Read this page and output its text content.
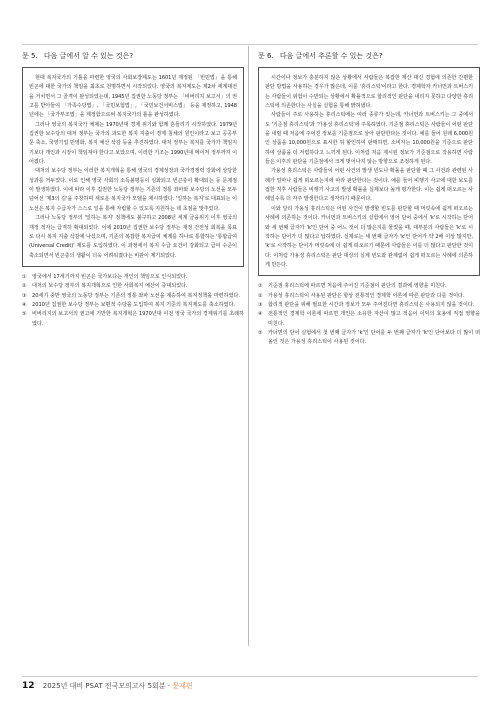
문 5. 다음 글에서 알 수 있는 것은?

현대 복지국가의 기틀을 마련한 영국의 사회보장제도는 1601년 제정된 「빈민법」을 통해 빈곤에 대한 국가의 책임을 최초로 천명하면서 시작되었다. 영국의 복지제도는 제2차 세계대전을 거치면서 그 골격이 완성되었는데, 1945년 집권한 노동당 정부는 「비버리지 보고서」의 권고를 받아들여 「가족수당법」, 「국민보험법」, 「국민보건서비스법」 등을 제정하고, 1948년에는 「국가부조법」을 제정함으로써 복지국가의 틀을 완성하였다.

그러나 영국의 복지국가 체제는 1970년대 경제 위기와 함께 흔들리기 시작하였다. 1979년 집권한 보수당의 대처 정부는 국가의 과도한 복지 지출이 경제 침체의 원인이라고 보고 공공부문 축소, 국영기업 민영화, 복지 예산 삭감 등을 추진하였다. 대처 정부는 복지를 국가가 책임지기보다 개인과 시장이 책임져야 한다고 보았으며, 이러한 기조는 1990년대 메이저 정부까지 이어졌다.

대처의 보수당 정부는 이러한 복지개혁을 통해 영국의 경제성장과 국가경쟁력 강화에 상당한 성과를 거두었다. 이로 인해 영국 사회의 소득불평등이 심화되고 빈곤층이 확대되는 등 문제점이 발생하였다. 이에 따라 이후 집권한 노동당 정부는 기존의 정통 좌파와 보수당의 노선을 모두 넘어선 '제3의 길'을 주창하며 새로운 복지국가 모델을 제시하였다. '일하는 복지'로 대표되는 이 노선은 복지 수급자가 스스로 일을 통해 자립할 수 있도록 지원하는 데 초점을 맞추었다.

그러나 노동당 정부의 '일하는 복지' 정책에도 불구하고 2008년 세계 금융위기 이후 영국의 재정 적자는 급격히 확대되었다. 이에 2010년 집권한 보수당 정부는 재정 건전성 회복을 목표로 다시 복지 지출 삭감에 나섰으며, 기존의 복잡한 복지급여 체계를 하나로 통합하는 '통합급여(Universal Credit)' 제도를 도입하였다. 이 과정에서 복지 수급 요건이 강화되고 급여 수준이 축소되면서 빈곤층의 생활이 더욱 어려워졌다는 비판이 제기되었다.

①	영국에서 17세기까지 빈곤은 국가보다는 개인의 책임으로 인식되었다.
②	대처의 보수당 정부의 복지개혁으로 인한 사회복지 예산이 증대되었다.
③	20세기 중반 영국의 노동당 정부는 기존의 정통 좌파 노선을 계승하여 복지정책을 마련하였다.
④	2010년 집권한 보수당 정부는 보편적 수당을 도입하여 복지 기준의 복지제도를 축소하였다.
⑤	비버리지의 보고서의 권고에 기반한 복지개혁은 1970년대 이전 영국 국가의 경제위기를 초래하였다.
문 6. 다음 글에서 추론할 수 있는 것은?

시간이나 정보가 충분하지 않은 상황에서 사람들은 복잡한 계산 대신 경험에 의존한 간편한 판단 방법을 사용하는 경우가 많은데, 이를 '휴리스틱'이라고 한다. 경제학자 카너먼과 트버스키는 사람들이 위험이 수반되는 상황에서 확률적으로 합리적인 판단을 내리지 못하고 다양한 휴리스틱에 의존한다는 사실을 실험을 통해 밝혀냈다.

사람들이 주로 사용하는 휴리스틱에는 여러 종류가 있는데, 카너먼과 트버스키는 그 중에서도 '기준점 휴리스틱'과 '가용성 휴리스틱'에 주목하였다. 기준점 휴리스틱은 사람들이 어떤 판단을 내릴 때 처음에 주어진 정보를 기준점으로 삼아 판단한다는 것이다. 예를 들어 원래 6,000원인 상품을 10,000원으로 표시한 뒤 할인하여 판매하면, 소비자는 10,000원을 기준으로 판단하여 상품을 더 저렴하다고 느끼게 된다. 이처럼 처음 제시된 정보가 기준점으로 작용하면 사람들은 이후의 판단을 기준점에서 크게 벗어나지 않는 방향으로 조정하게 된다.

가용성 휴리스틱은 사람들이 어떤 사건의 발생 빈도나 확률을 판단할 때 그 사건과 관련된 사례가 얼마나 쉽게 떠오르는지에 따라 판단한다는 것이다. 예를 들어 비행기 사고에 대한 보도를 접한 직후 사람들은 비행기 사고의 발생 확률을 실제보다 높게 평가한다. 이는 쉽게 떠오르는 사례일수록 더 자주 발생한다고 생각하기 때문이다.

이와 달리 가용성 휴리스틱은 어떤 사건이 발생할 빈도를 판단할 때 머릿속에 쉽게 떠오르는 사례에 의존하는 것이다. 카너먼과 트버스키의 실험에서 영어 단어 중에서 'k'로 시작하는 단어와 세 번째 글자가 'k'인 단어 중 어느 것이 더 많은지를 물었을 때, 대부분의 사람들은 'k'로 시작하는 단어가 더 많다고 답하였다. 실제로는 세 번째 글자가 'k'인 단어가 약 2배 이상 많지만, 'k'로 시작하는 단어가 머릿속에 더 쉽게 떠오르기 때문에 사람들은 이를 더 많다고 판단한 것이다. 이처럼 가용성 휴리스틱은 판단 대상의 실제 빈도와 관계없이 쉽게 떠오르는 사례에 의존하게 만든다.

①	기준점 휴리스틱에 따르면 처음에 주어진 기준점이 판단의 결과에 영향을 미친다.
②	가용성 휴리스틱이 사용된 판단은 항상 전통적인 경제학 이론에 따른 판단과 다를 것이다.
③	합리적 판단을 위해 필요한 시간과 정보가 모두 주어진다면 휴리스틱은 사용되지 않을 것이다.
④	전통적인 경제학 이론에 따르면 개인은 소유한 자산이 많고 적음이 이익의 효용에 직접 영향을 미친다.
⑤	카너먼의 단어 실험에서 첫 번째 글자가 'k'인 단어를 두 번째 글자가 'k'인 단어보다 더 많이 떠올린 것은 가용성 휴리스틱이 사용된 것이다.
12 2025년 대비 PSAT 전국모의고사 5회분 · 문제편
